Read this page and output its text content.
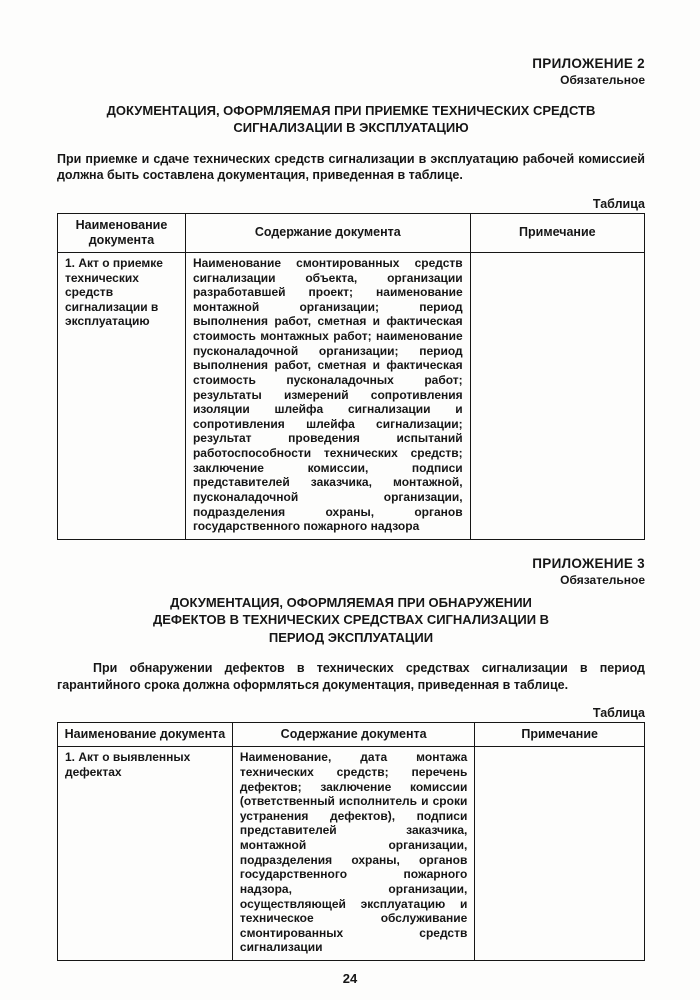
ПРИЛОЖЕНИЕ 2
Обязательное
ДОКУМЕНТАЦИЯ, ОФОРМЛЯЕМАЯ ПРИ ПРИЕМКЕ ТЕХНИЧЕСКИХ СРЕДСТВ СИГНАЛИЗАЦИИ В ЭКСПЛУАТАЦИЮ

При приемке и сдаче технических средств сигнализации в эксплуатацию рабочей комиссией должна быть составлена документация, приведенная в таблице.

Таблица
Наименование документа	Содержание документа	Примечание
1. Акт о приемке технических средств сигнализации в эксплуатацию	Наименование смонтированных средств сигнализации объекта, организации разработавшей проект; наименование монтажной организации; период выполнения работ, сметная и фактическая стоимость монтажных работ; наименование пусконаладочной организации; период выполнения работ, сметная и фактическая стоимость пусконаладочных работ; результаты измерений сопротивления изоляции шлейфа сигнализации и сопротивления шлейфа сигнализации; результат проведения испытаний работоспособности технических средств; заключение комиссии, подписи представителей заказчика, монтажной, пусконаладочной организации, подразделения охраны, органов государственного пожарного надзора	
ПРИЛОЖЕНИЕ 3
Обязательное
ДОКУМЕНТАЦИЯ, ОФОРМЛЯЕМАЯ ПРИ ОБНАРУЖЕНИИ ДЕФЕКТОВ В ТЕХНИЧЕСКИХ СРЕДСТВАХ СИГНАЛИЗАЦИИ В ПЕРИОД ЭКСПЛУАТАЦИИ

При обнаружении дефектов в технических средствах сигнализации в период гарантийного срока должна оформляться документация, приведенная в таблице.

Таблица
Наименование документа	Содержание документа	Примечание
1. Акт о выявленных дефектах	Наименование, дата монтажа технических средств; перечень дефектов; заключение комиссии (ответственный исполнитель и сроки устранения дефектов), подписи представителей заказчика, монтажной организации, подразделения охраны, органов государственного пожарного надзора, организации, осуществляющей эксплуатацию и техническое обслуживание смонтированных средств сигнализации	
24
